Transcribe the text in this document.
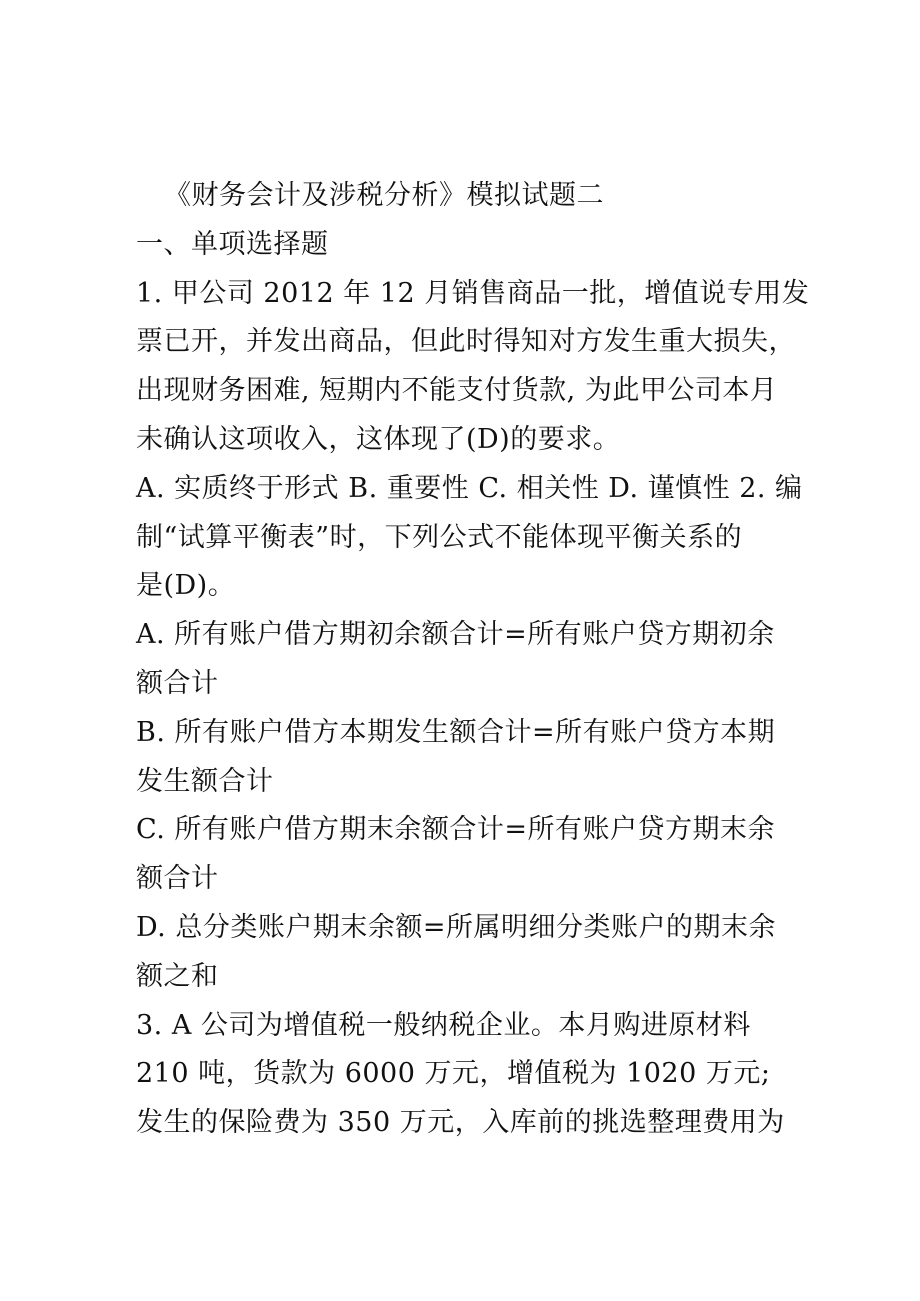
《财务会计及涉税分析》模拟试题二
一、单项选择题
1. 甲公司 2012 年 12 月销售商品一批，增值说专用发
票已开，并发出商品，但此时得知对方发生重大损失，
出现财务困难, 短期内不能支付货款, 为此甲公司本月
未确认这项收入，这体现了(D)的要求。
A. 实质终于形式 B. 重要性 C. 相关性 D. 谨慎性 2. 编
制“试算平衡表”时，下列公式不能体现平衡关系的
是(D)。
A. 所有账户借方期初余额合计=所有账户贷方期初余
额合计
B. 所有账户借方本期发生额合计=所有账户贷方本期
发生额合计
C. 所有账户借方期末余额合计=所有账户贷方期末余
额合计
D. 总分类账户期末余额=所属明细分类账户的期末余
额之和
3. A 公司为增值税一般纳税企业。本月购进原材料
210 吨，货款为 6000 万元，增值税为 1020 万元;
发生的保险费为 350 万元，入库前的挑选整理费用为
